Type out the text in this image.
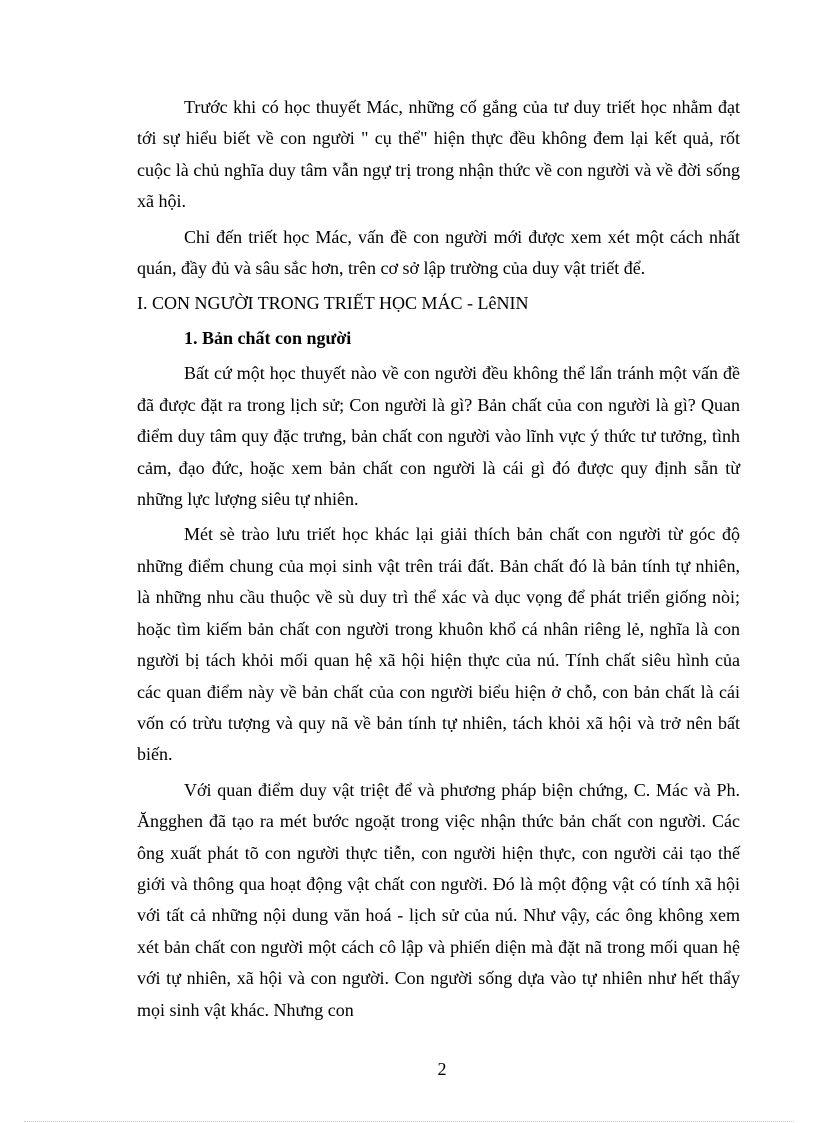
Trước khi có học thuyết Mác, những cố gắng của tư duy triết học nhằm đạt tới sự hiểu biết về con người " cụ thể" hiện thực đều không đem lại kết quả, rốt cuộc là chủ nghĩa duy tâm vẫn ngự trị trong nhận thức về con người và về đời sống xã hội.

Chỉ đến triết học Mác, vấn đề con người mới được xem xét một cách nhất quán, đầy đủ và sâu sắc hơn, trên cơ sở lập trường của duy vật triết để.

I. CON NGƯỜI TRONG TRIẾT HỌC MÁC - LêNIN
1. Bản chất con người

Bất cứ một học thuyết nào về con người đều không thể lẩn tránh một vấn đề đã được đặt ra trong lịch sử; Con người là gì? Bản chất của con người là gì? Quan điểm duy tâm quy đặc trưng, bản chất con người vào lĩnh vực ý thức tư tưởng, tình cảm, đạo đức, hoặc xem bản chất con người là cái gì đó được quy định sẵn từ những lực lượng siêu tự nhiên.

Mét sè trào lưu triết học khác lại giải thích bản chất con người từ góc độ những điểm chung của mọi sinh vật trên trái đất. Bản chất đó là bản tính tự nhiên, là những nhu cầu thuộc về sù duy trì thể xác và dục vọng để phát triển giống nòi; hoặc tìm kiếm bản chất con người trong khuôn khổ cá nhân riêng lẻ, nghĩa là con người bị tách khỏi mối quan hệ xã hội hiện thực của nú. Tính chất siêu hình của các quan điểm này về bản chất của con người biểu hiện ở chỗ, con bản chất là cái vốn có trừu tượng và quy nã về bản tính tự nhiên, tách khỏi xã hội và trở nên bất biến.

Với quan điểm duy vật triệt để và phương pháp biện chứng, C. Mác và Ph. Ăngghen đã tạo ra mét bước ngoặt trong việc nhận thức bản chất con người. Các ông xuất phát tõ con người thực tiễn, con người hiện thực, con người cải tạo thế giới và thông qua hoạt động vật chất con người. Đó là một động vật có tính xã hội với tất cả những nội dung văn hoá - lịch sử của nú. Như vậy, các ông không xem xét bản chất con người một cách cô lập và phiến diện mà đặt nã trong mối quan hệ với tự nhiên, xã hội và con người. Con người sống dựa vào tự nhiên như hết thẩy mọi sinh vật khác. Nhưng con

2
